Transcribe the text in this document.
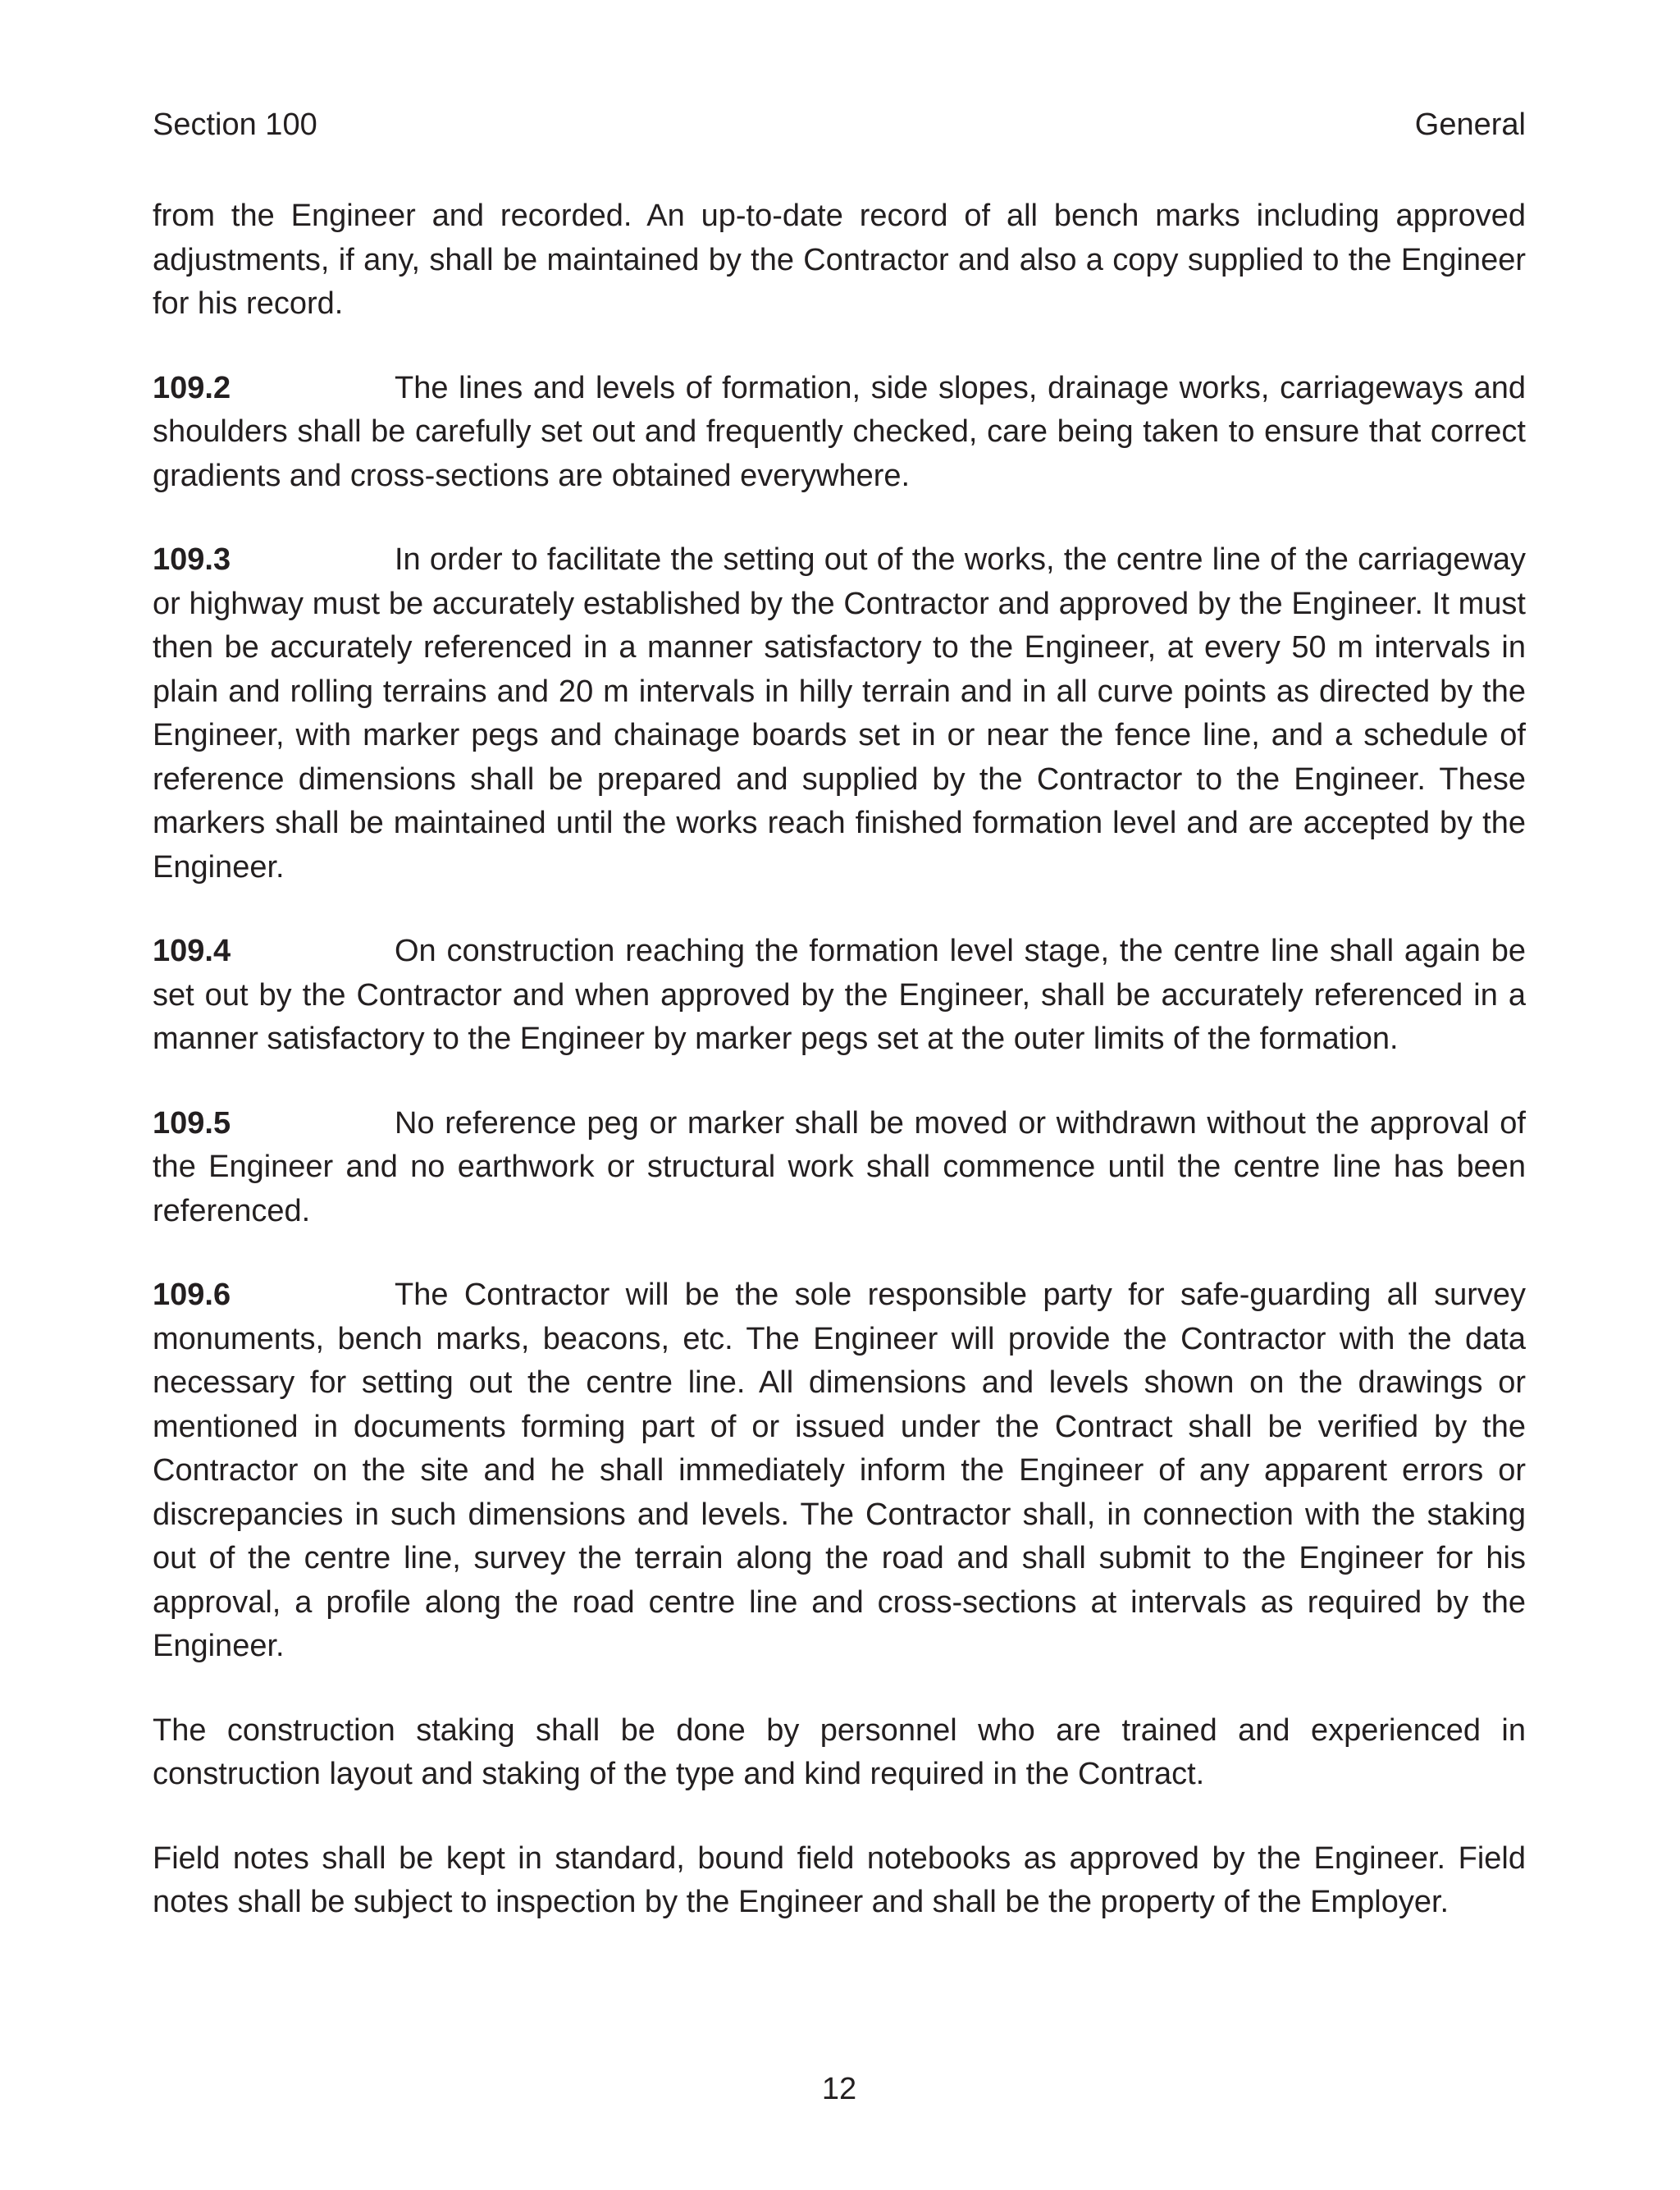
Section 100	General

from the Engineer and recorded. An up-to-date record of all bench marks including approved adjustments, if any, shall be maintained by the Contractor and also a copy supplied to the Engineer for his record.

109.2	The lines and levels of formation, side slopes, drainage works, carriageways and shoulders shall be carefully set out and frequently checked, care being taken to ensure that correct gradients and cross-sections are obtained everywhere.

109.3	In order to facilitate the setting out of the works, the centre line of the carriageway or highway must be accurately established by the Contractor and approved by the Engineer. It must then be accurately referenced in a manner satisfactory to the Engineer, at every 50 m intervals in plain and rolling terrains and 20 m intervals in hilly terrain and in all curve points as directed by the Engineer, with marker pegs and chainage boards set in or near the fence line, and a schedule of reference dimensions shall be prepared and supplied by the Contractor to the Engineer. These markers shall be maintained until the works reach finished formation level and are accepted by the Engineer.

109.4	On construction reaching the formation level stage, the centre line shall again be set out by the Contractor and when approved by the Engineer, shall be accurately referenced in a manner satisfactory to the Engineer by marker pegs set at the outer limits of the formation.

109.5	No reference peg or marker shall be moved or withdrawn without the approval of the Engineer and no earthwork or structural work shall commence until the centre line has been referenced.

109.6	The Contractor will be the sole responsible party for safe-guarding all survey monuments, bench marks, beacons, etc. The Engineer will provide the Contractor with the data necessary for setting out the centre line. All dimensions and levels shown on the drawings or mentioned in documents forming part of or issued under the Contract shall be verified by the Contractor on the site and he shall immediately inform the Engineer of any apparent errors or discrepancies in such dimensions and levels. The Contractor shall, in connection with the staking out of the centre line, survey the terrain along the road and shall submit to the Engineer for his approval, a profile along the road centre line and cross-sections at intervals as required by the Engineer.

The construction staking shall be done by personnel who are trained and experienced in construction layout and staking of the type and kind required in the Contract.

Field notes shall be kept in standard, bound field notebooks as approved by the Engineer. Field notes shall be subject to inspection by the Engineer and shall be the property of the Employer.

12
